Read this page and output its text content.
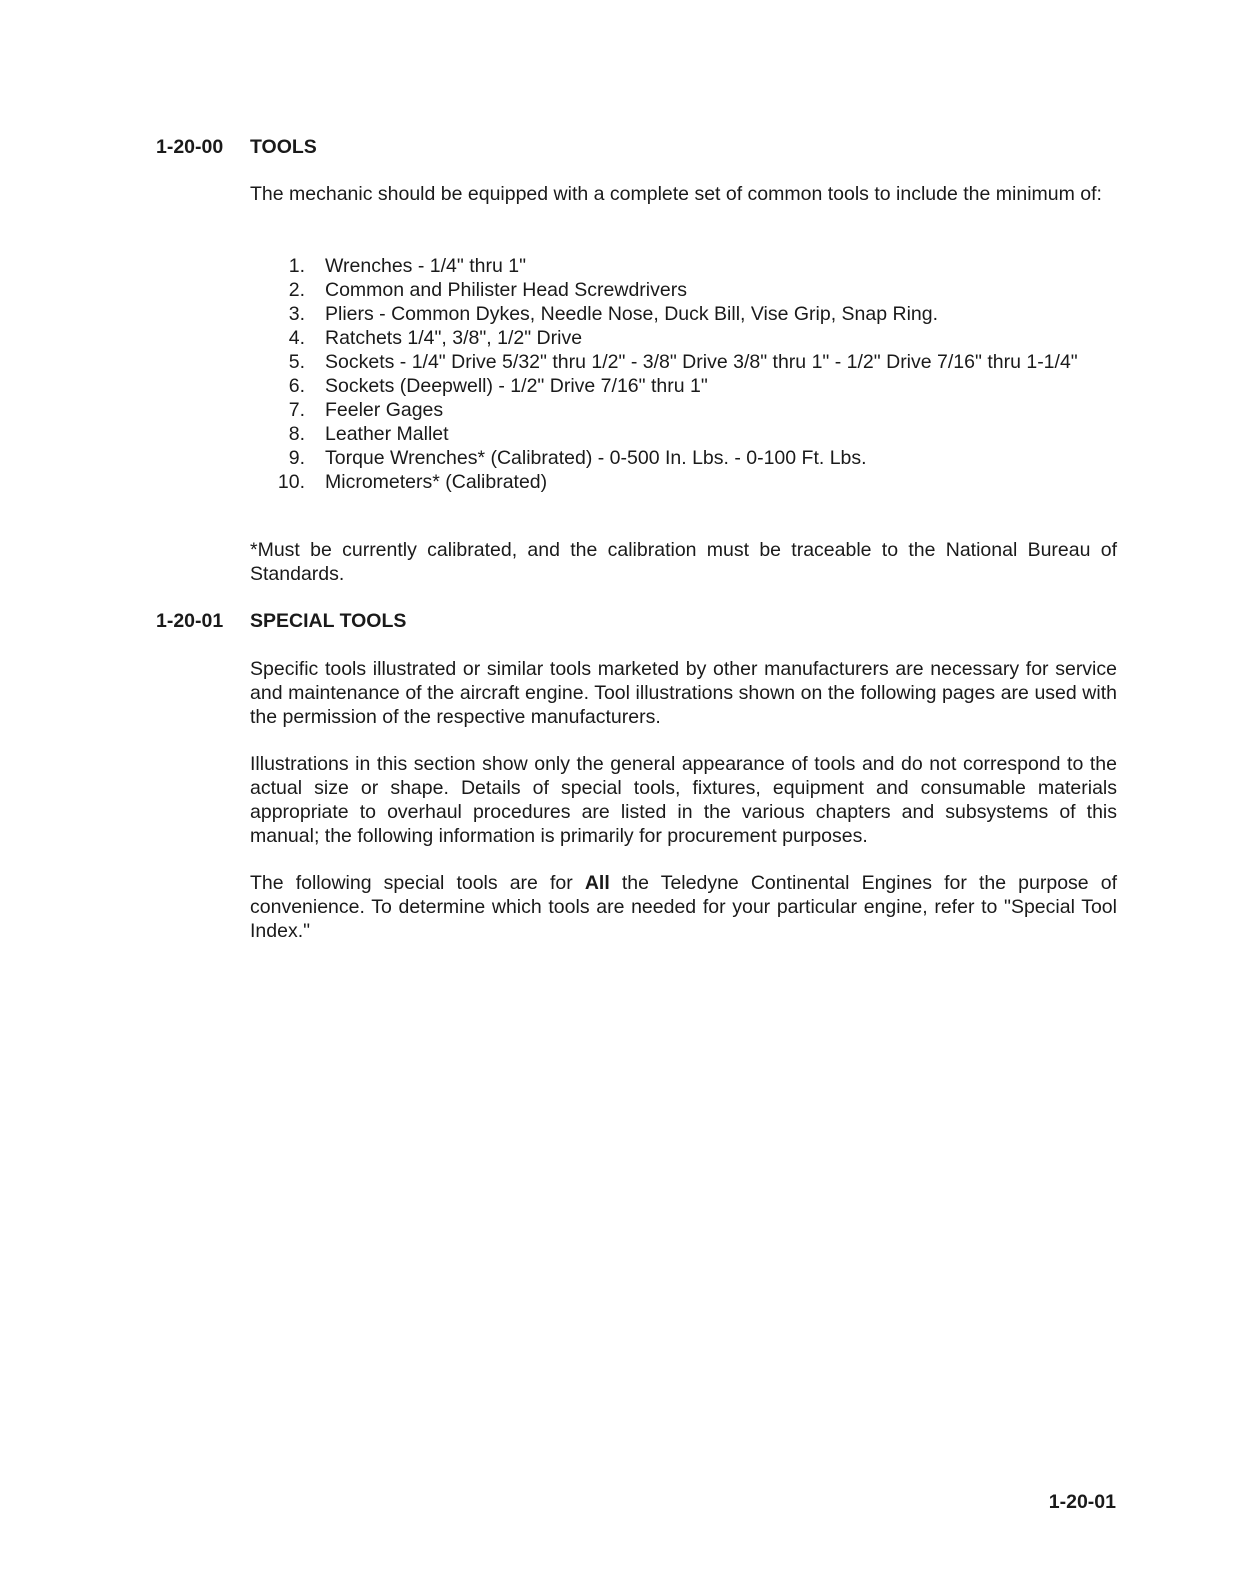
1-20-00 TOOLS
The mechanic should be equipped with a complete set of common tools to include the minimum of:
1.	Wrenches - 1/4" thru 1"
2.	Common and Philister Head Screwdrivers
3.	Pliers - Common Dykes, Needle Nose, Duck Bill, Vise Grip, Snap Ring.
4.	Ratchets 1/4", 3/8", 1/2" Drive
5.	Sockets - 1/4" Drive 5/32" thru 1/2" - 3/8" Drive 3/8" thru 1" - 1/2" Drive 7/16" thru 1-1/4"
6.	Sockets (Deepwell) - 1/2" Drive 7/16" thru 1"
7.	Feeler Gages
8.	Leather Mallet
9.	Torque Wrenches* (Calibrated) - 0-500 In. Lbs. - 0-100 Ft. Lbs.
10.	Micrometers* (Calibrated)
*Must be currently calibrated, and the calibration must be traceable to the National Bureau of Standards.
1-20-01 SPECIAL TOOLS
Specific tools illustrated or similar tools marketed by other manufacturers are necessary for service and maintenance of the aircraft engine. Tool illustrations shown on the following pages are used with the permission of the respective manufacturers.
Illustrations in this section show only the general appearance of tools and do not correspond to the actual size or shape. Details of special tools, fixtures, equipment and consumable materials appropriate to overhaul procedures are listed in the various chapters and subsystems of this manual; the following information is primarily for procurement purposes.
The following special tools are for All the Teledyne Continental Engines for the purpose of convenience. To determine which tools are needed for your particular engine, refer to "Special Tool Index."
1-20-01
